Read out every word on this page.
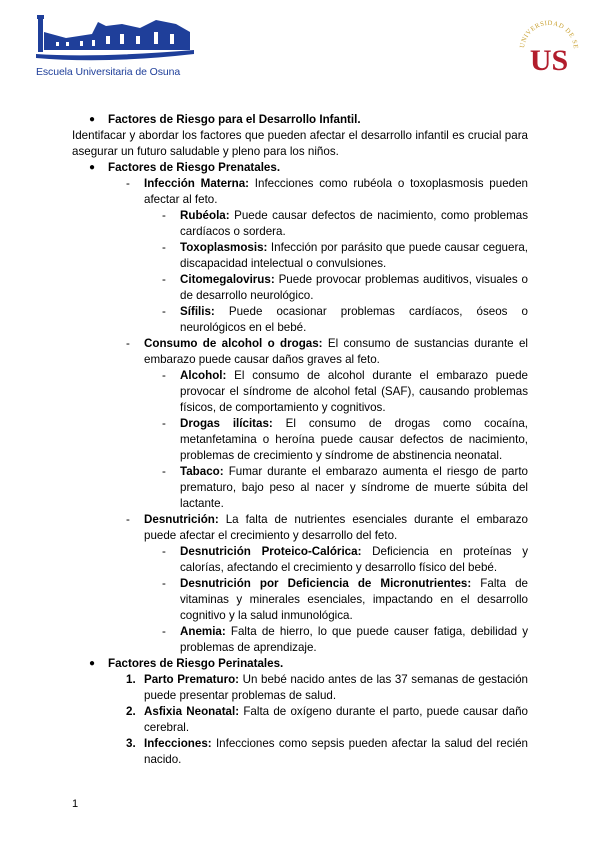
Escuela Universitaria de Osuna
UNIVERSIDAD DE SE
US
● Factores de Riesgo para el Desarrollo Infantil.
Identifacar y abordar los factores que pueden afectar el desarrollo infantil es crucial para asegurar un futuro saludable y pleno para los niños.
● Factores de Riesgo Prenatales.
- Infección Materna: Infecciones como rubéola o toxoplasmosis pueden afectar al feto.
- Rubéola: Puede causar defectos de nacimiento, como problemas cardíacos o sordera.
- Toxoplasmosis: Infección por parásito que puede causar ceguera, discapacidad intelectual o convulsiones.
- Citomegalovirus: Puede provocar problemas auditivos, visuales o de desarrollo neurológico.
- Sífilis: Puede ocasionar problemas cardíacos, óseos o neurológicos en el bebé.
- Consumo de alcohol o drogas: El consumo de sustancias durante el embarazo puede causar daños graves al feto.
- Alcohol: El consumo de alcohol durante el embarazo puede provocar el síndrome de alcohol fetal (SAF), causando problemas físicos, de comportamiento y cognitivos.
- Drogas ilícitas: El consumo de drogas como cocaína, metanfetamina o heroína puede causar defectos de nacimiento, problemas de crecimiento y síndrome de abstinencia neonatal.
- Tabaco: Fumar durante el embarazo aumenta el riesgo de parto prematuro, bajo peso al nacer y síndrome de muerte súbita del lactante.
- Desnutrición: La falta de nutrientes esenciales durante el embarazo puede afectar el crecimiento y desarrollo del feto.
- Desnutrición Proteico-Calórica: Deficiencia en proteínas y calorías, afectando el crecimiento y desarrollo físico del bebé.
- Desnutrición por Deficiencia de Micronutrientes: Falta de vitaminas y minerales esenciales, impactando en el desarrollo cognitivo y la salud inmunológica.
- Anemia: Falta de hierro, lo que puede causer fatiga, debilidad y problemas de aprendizaje.
● Factores de Riesgo Perinatales.
1. Parto Prematuro: Un bebé nacido antes de las 37 semanas de gestación puede presentar problemas de salud.
2. Asfixia Neonatal: Falta de oxígeno durante el parto, puede causar daño cerebral.
3. Infecciones: Infecciones como sepsis pueden afectar la salud del recién nacido.
1
